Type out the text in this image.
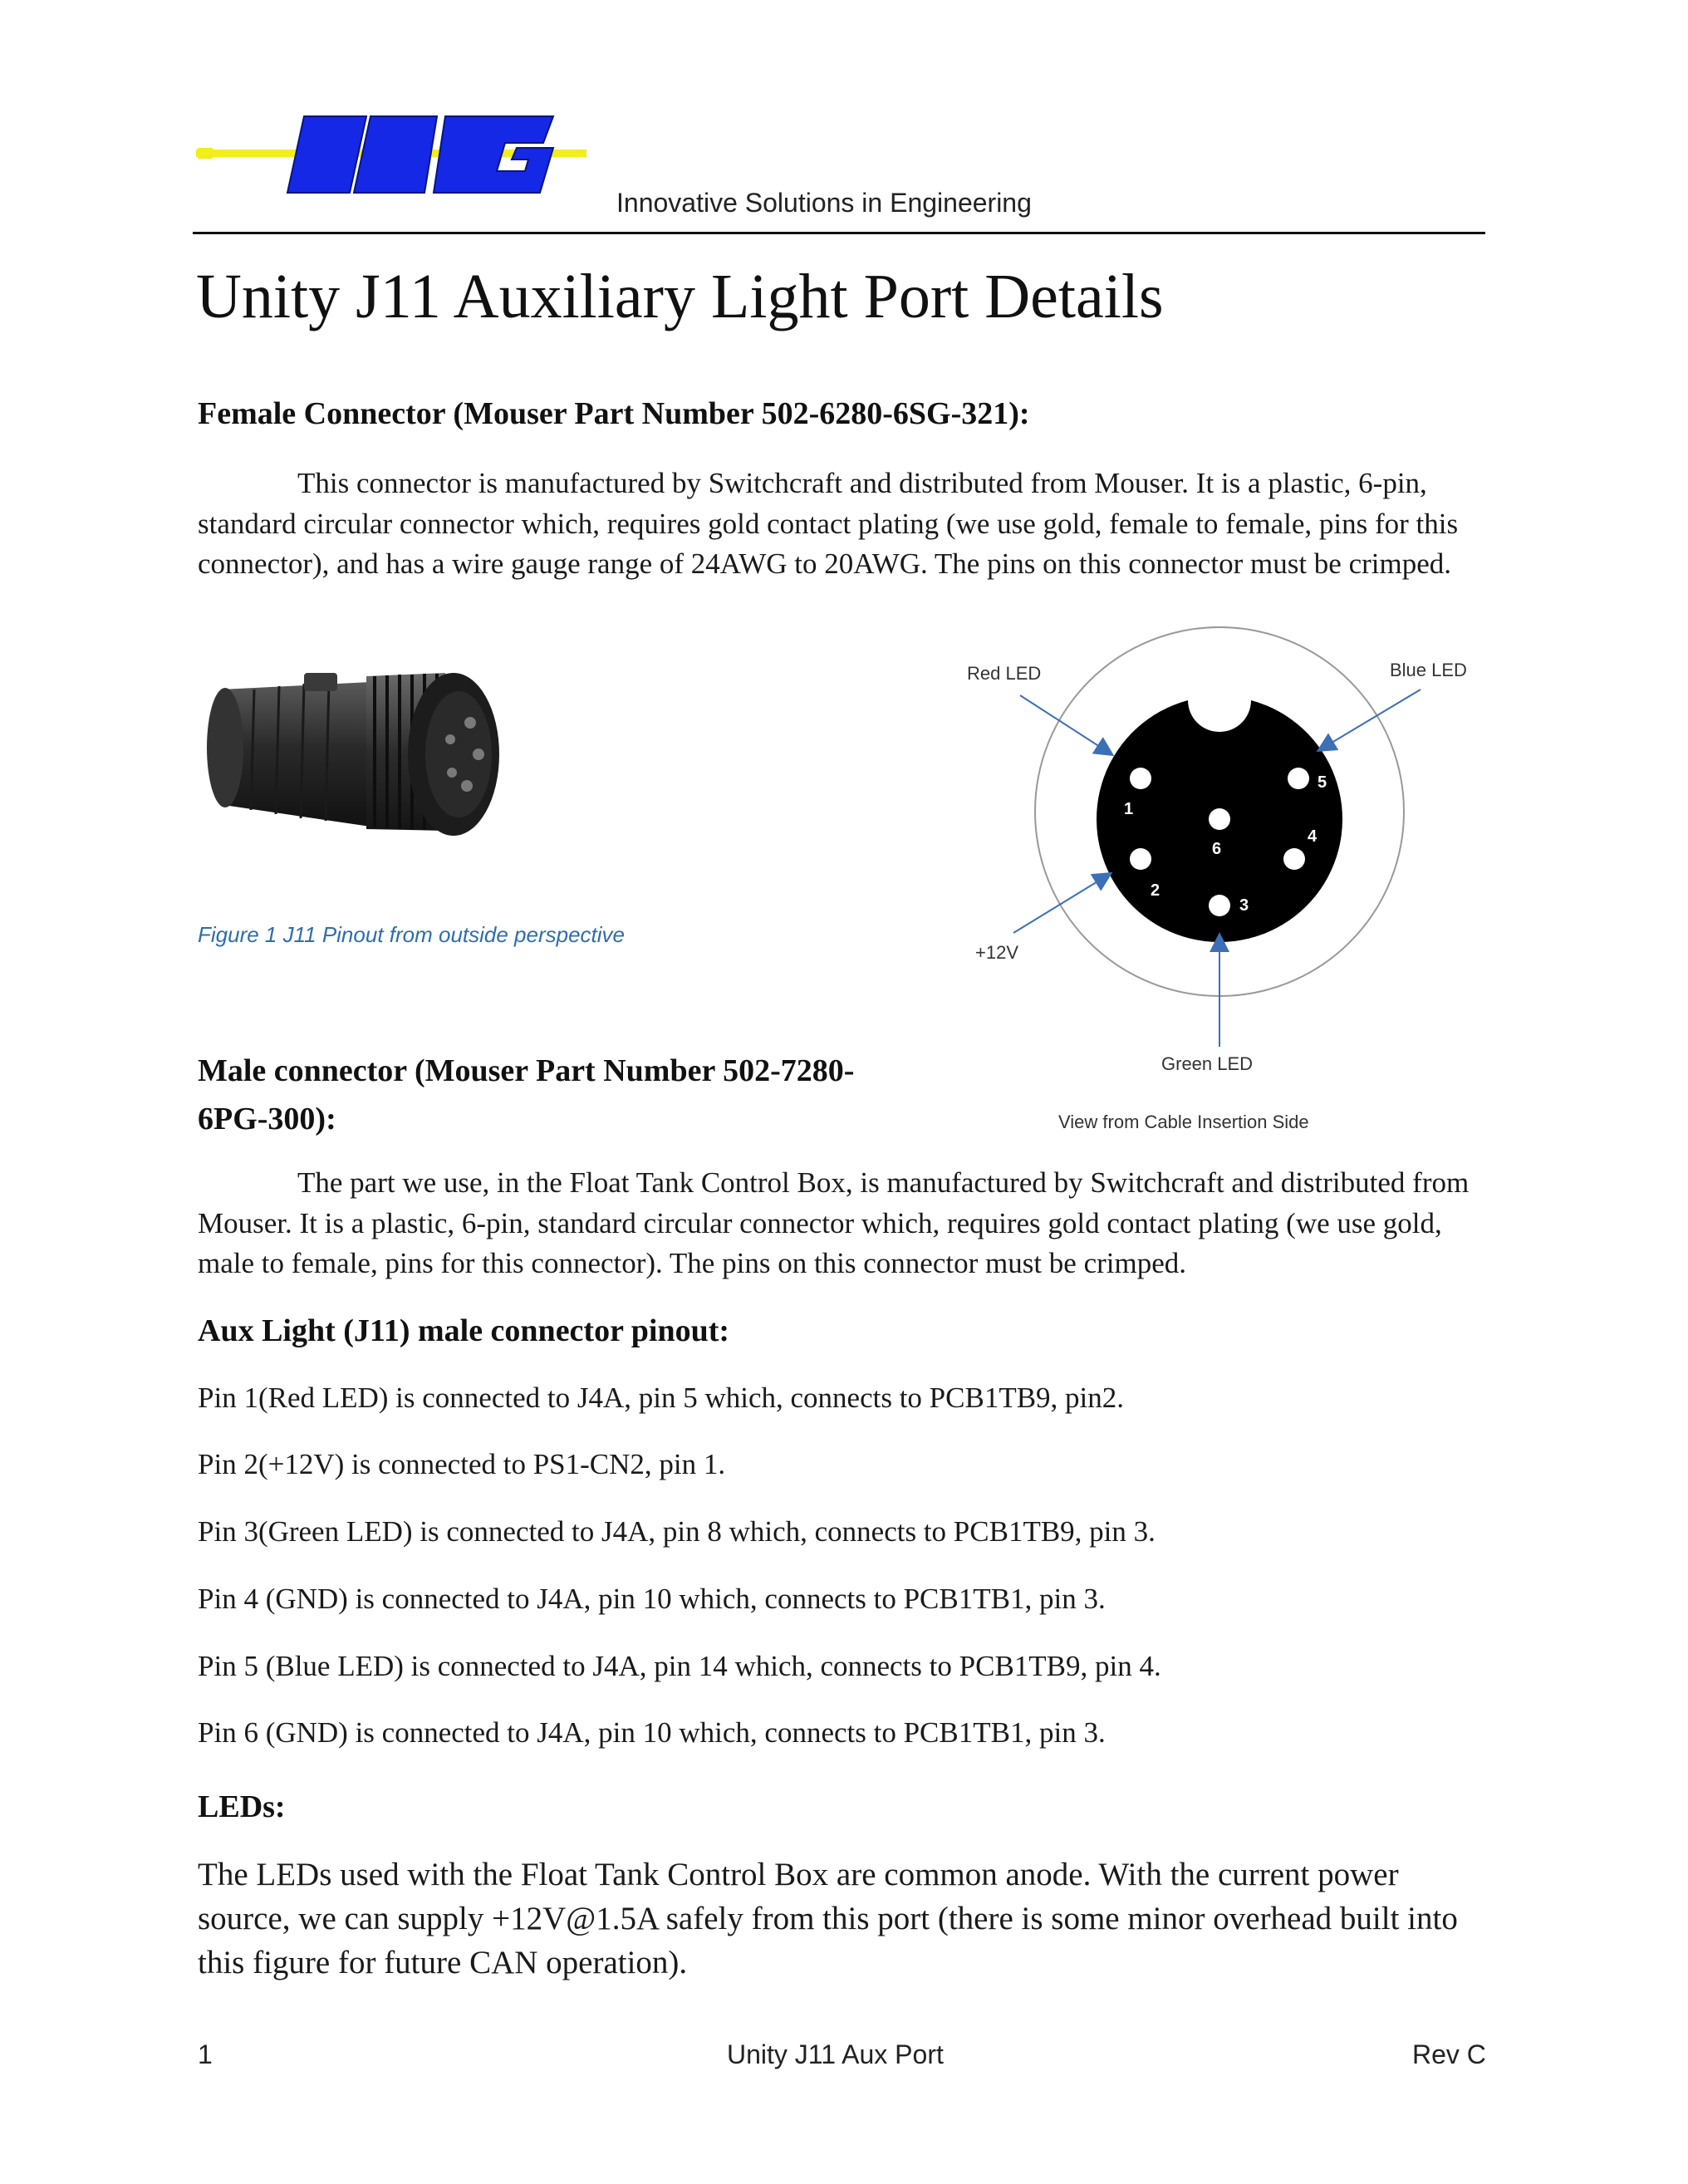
Innovative Solutions in Engineering
Unity J11 Auxiliary Light Port Details
Female Connector (Mouser Part Number 502-6280-6SG-321):
This connector is manufactured by Switchcraft and distributed from Mouser. It is a plastic, 6-pin, standard circular connector which, requires gold contact plating (we use gold, female to female, pins for this connector), and has a wire gauge range of 24AWG to 20AWG. The pins on this connector must be crimped.
Figure 1 J11 Pinout from outside perspective
1
2
3
4
5
6
Red LED	Blue LED
+12V
Green LED
View from Cable Insertion Side
Male connector (Mouser Part Number 502-7280-
6PG-300):
The part we use, in the Float Tank Control Box, is manufactured by Switchcraft and distributed from Mouser. It is a plastic, 6-pin, standard circular connector which, requires gold contact plating (we use gold, male to female, pins for this connector). The pins on this connector must be crimped.
Aux Light (J11) male connector pinout:
Pin 1(Red LED) is connected to J4A, pin 5 which, connects to PCB1TB9, pin2.
Pin 2(+12V) is connected to PS1-CN2, pin 1.
Pin 3(Green LED) is connected to J4A, pin 8 which, connects to PCB1TB9, pin 3.
Pin 4 (GND) is connected to J4A, pin 10 which, connects to PCB1TB1, pin 3.
Pin 5 (Blue LED) is connected to J4A, pin 14 which, connects to PCB1TB9, pin 4.
Pin 6 (GND) is connected to J4A, pin 10 which, connects to PCB1TB1, pin 3.
LEDs:
The LEDs used with the Float Tank Control Box are common anode. With the current power source, we can supply +12V@1.5A safely from this port (there is some minor overhead built into this figure for future CAN operation).
1	Unity J11 Aux Port	Rev C
